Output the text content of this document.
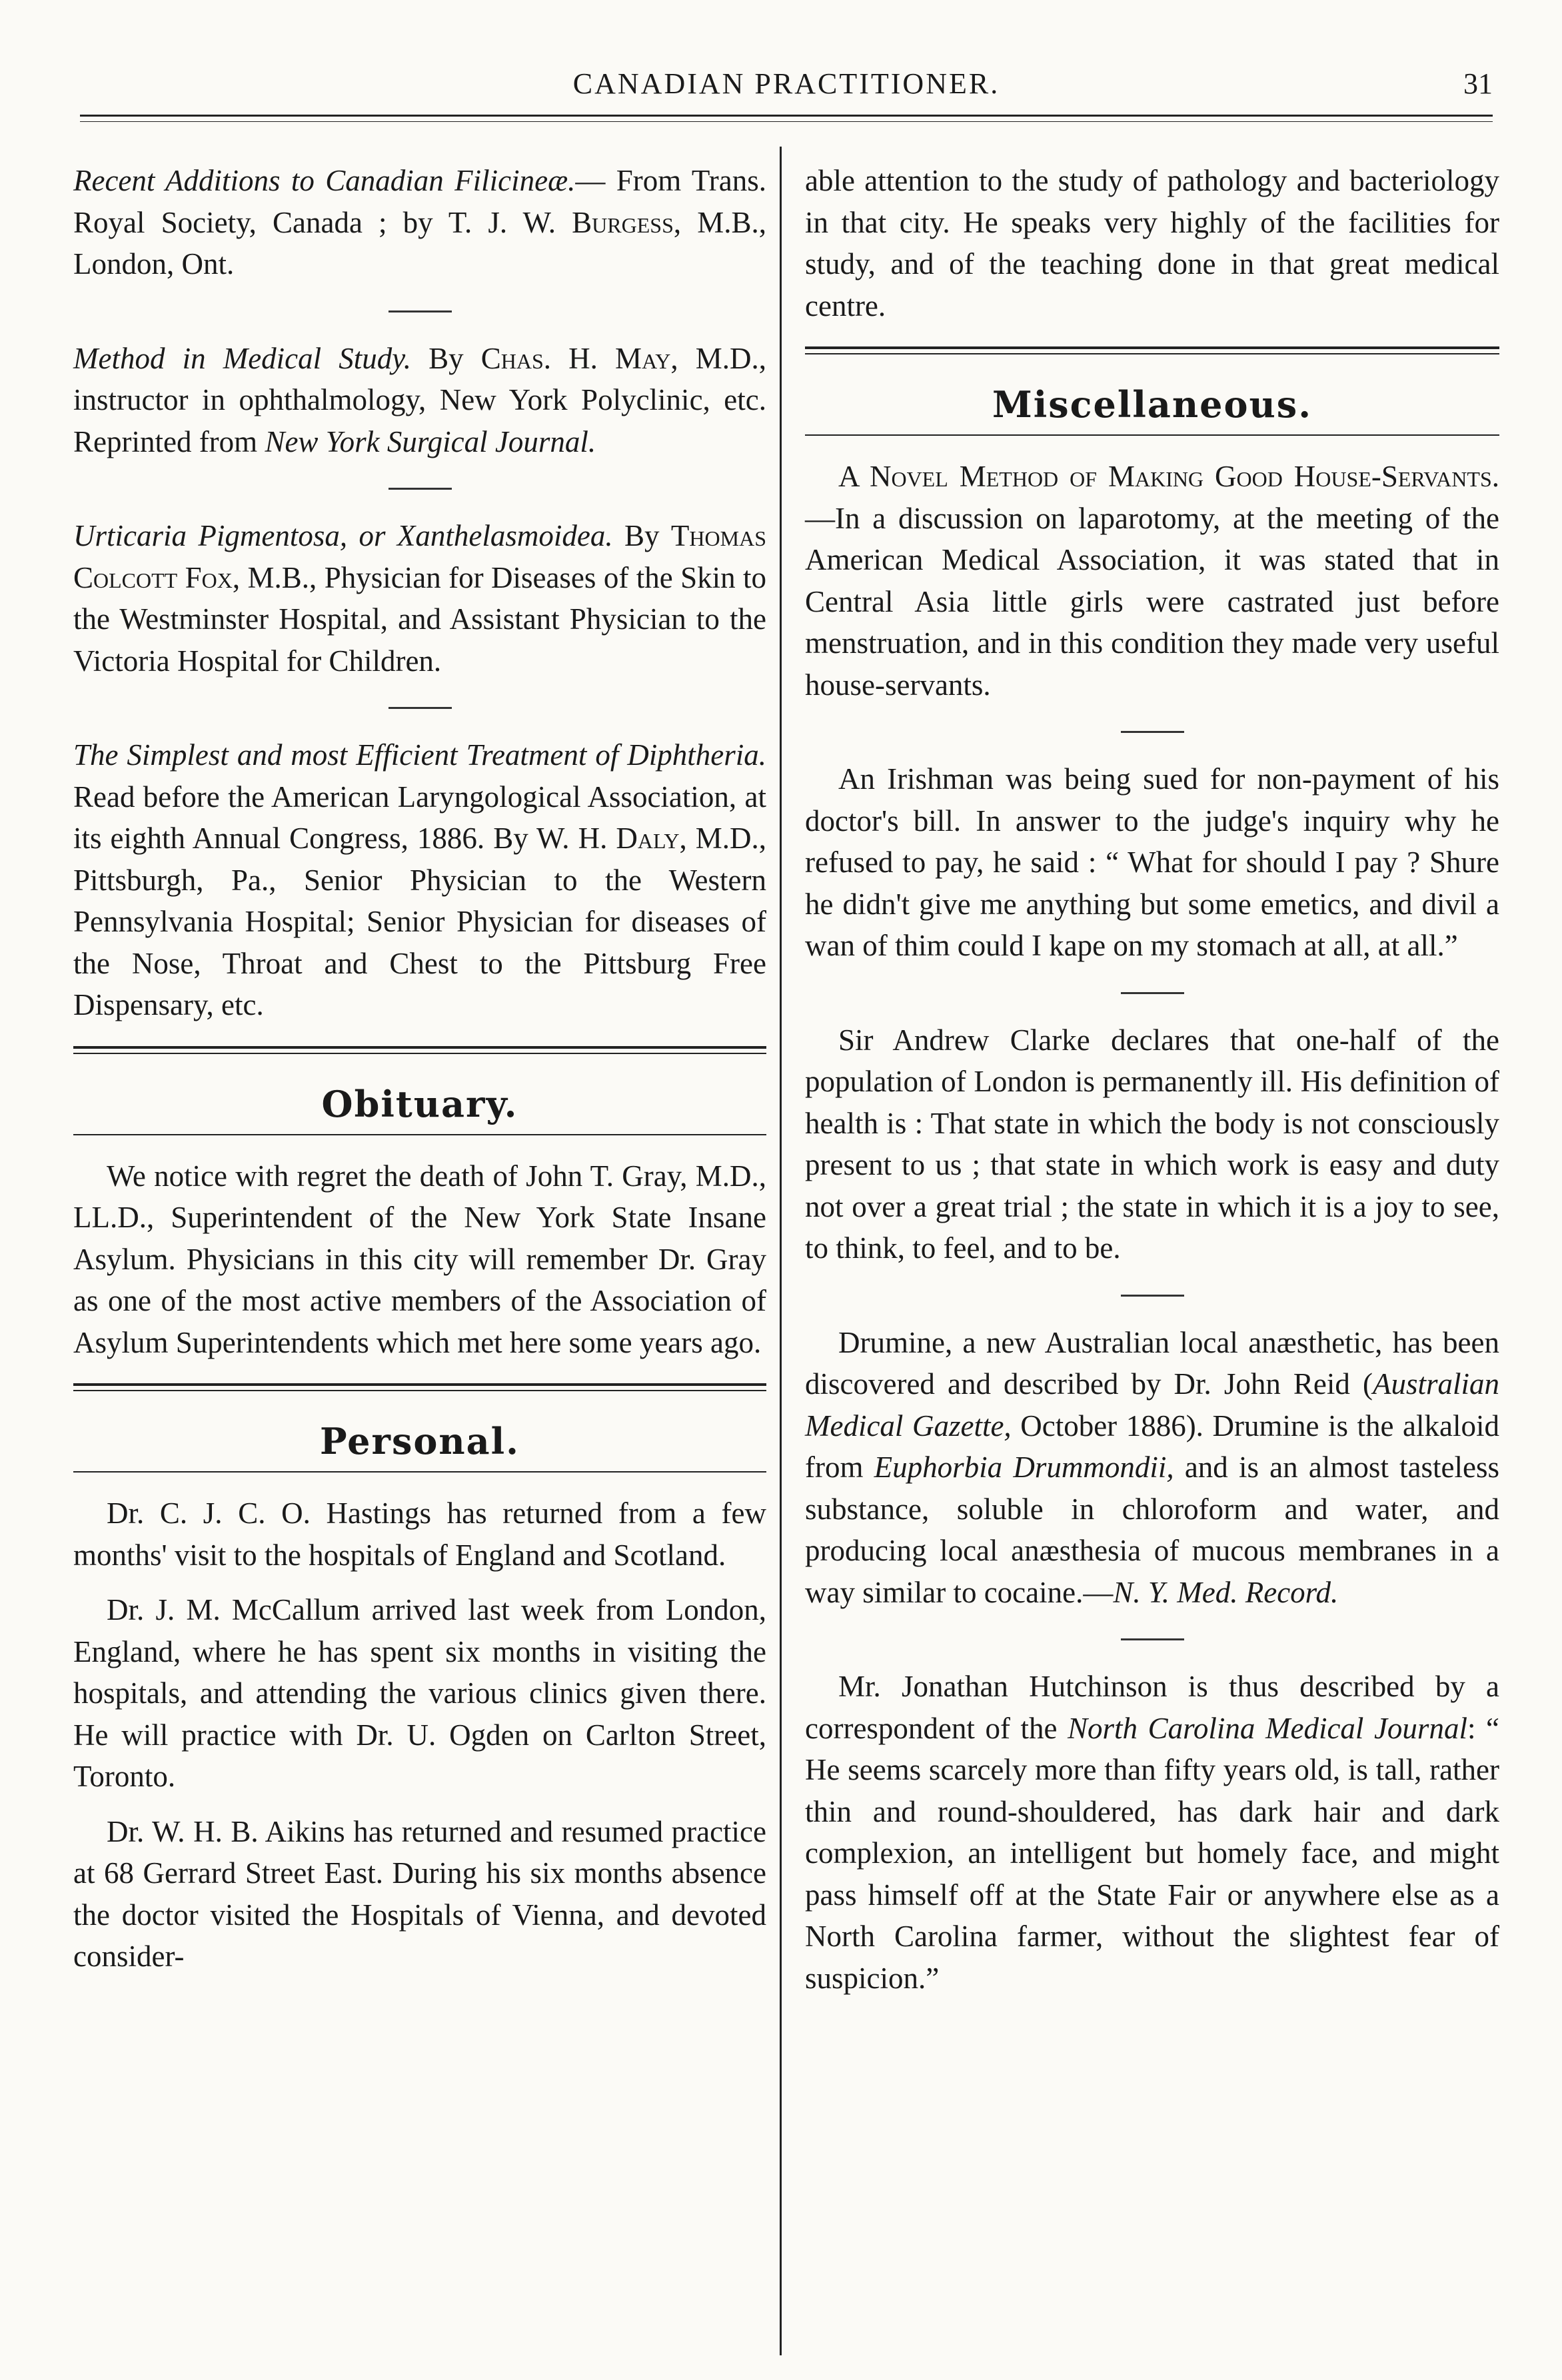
CANADIAN PRACTITIONER.	31

Recent Additions to Canadian Filicineæ.— From Trans. Royal Society, Canada ; by T. J. W. Burgess, M.B., London, Ont.

Method in Medical Study. By Chas. H. May, M.D., instructor in ophthalmology, New York Polyclinic, etc. Reprinted from New York Surgical Journal.

Urticaria Pigmentosa, or Xanthelasmoidea. By Thomas Colcott Fox, M.B., Physician for Diseases of the Skin to the Westminster Hospital, and Assistant Physician to the Victoria Hospital for Children.

The Simplest and most Efficient Treatment of Diphtheria. Read before the American Laryngological Association, at its eighth Annual Congress, 1886. By W. H. Daly, M.D., Pittsburgh, Pa., Senior Physician to the Western Pennsylvania Hospital; Senior Physician for diseases of the Nose, Throat and Chest to the Pittsburg Free Dispensary, etc.

Obituary.

We notice with regret the death of John T. Gray, M.D., LL.D., Superintendent of the New York State Insane Asylum. Physicians in this city will remember Dr. Gray as one of the most active members of the Association of Asylum Superintendents which met here some years ago.

Personal.

Dr. C. J. C. O. Hastings has returned from a few months' visit to the hospitals of England and Scotland.

Dr. J. M. McCallum arrived last week from London, England, where he has spent six months in visiting the hospitals, and attending the various clinics given there. He will practice with Dr. U. Ogden on Carlton Street, Toronto.

Dr. W. H. B. Aikins has returned and resumed practice at 68 Gerrard Street East. During his six months absence the doctor visited the Hospitals of Vienna, and devoted consider-

able attention to the study of pathology and bacteriology in that city. He speaks very highly of the facilities for study, and of the teaching done in that great medical centre.

Miscellaneous.

A Novel Method of Making Good House-Servants.—In a discussion on laparotomy, at the meeting of the American Medical Association, it was stated that in Central Asia little girls were castrated just before menstruation, and in this condition they made very useful house-servants.

An Irishman was being sued for non-payment of his doctor's bill. In answer to the judge's inquiry why he refused to pay, he said : “ What for should I pay ? Shure he didn't give me anything but some emetics, and divil a wan of thim could I kape on my stomach at all, at all.”

Sir Andrew Clarke declares that one-half of the population of London is permanently ill. His definition of health is : That state in which the body is not consciously present to us ; that state in which work is easy and duty not over a great trial ; the state in which it is a joy to see, to think, to feel, and to be.

Drumine, a new Australian local anæsthetic, has been discovered and described by Dr. John Reid (Australian Medical Gazette, October 1886). Drumine is the alkaloid from Euphorbia Drummondii, and is an almost tasteless substance, soluble in chloroform and water, and producing local anæsthesia of mucous membranes in a way similar to cocaine.—N. Y. Med. Record.

Mr. Jonathan Hutchinson is thus described by a correspondent of the North Carolina Medical Journal: “ He seems scarcely more than fifty years old, is tall, rather thin and round-shouldered, has dark hair and dark complexion, an intelligent but homely face, and might pass himself off at the State Fair or anywhere else as a North Carolina farmer, without the slightest fear of suspicion.”
